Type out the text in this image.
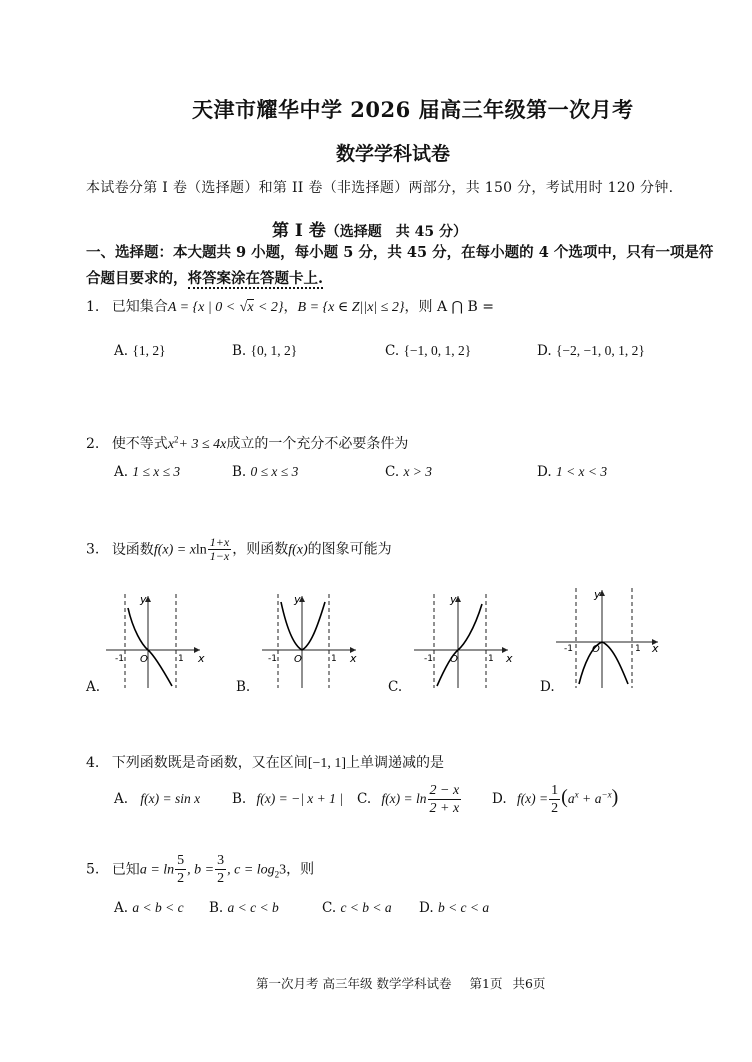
天津市耀华中学 2026 届高三年级第一次月考
数学学科试卷
本试卷分第 I 卷（选择题）和第 II 卷（非选择题）两部分，共 150 分，考试用时 120 分钟.
第 I 卷（选择题　共 45 分）
一、选择题：本大题共 9 小题，每小题 5 分，共 45 分，在每小题的 4 个选项中，只有一项是符合题目要求的，将答案涂在答题卡上.
1. 已知集合A = {x | 0 < √x < 2}，B = {x ∈ Z||x| ≤ 2}，则 A ⋂ B =
A. {1, 2}	B. {0, 1, 2}	C. {−1, 0, 1, 2}	D. {−2, −1, 0, 1, 2}
2. 使不等式$x^2+ 3 \le 4x$成立的一个充分不必要条件为
A. 1 ≤ x ≤ 3	B. 0 ≤ x ≤ 3	C. x > 3	D. 1 < x < 3
3. 设函数f(x) = xln $\frac{1+x}{1-x}$ ，则函数f(x)的图象可能为
y
x
O
-1	1
A.
y
x
O
-1	1
B.
y
x
O
-1	1
C.
y
x
O
-1	1
D.
4. 下列函数既是奇函数，又在区间[−1, 1]上单调递减的是
A. f(x) = sin x B. f(x) = −| x + 1 | C. $f(x) = \ln \frac{2 - x}{2 + x} D$. $f(x) = \frac{1}{2} (a^x + a^{-x})$
5. 已知$a = \ln \frac{5}{2}$ , $b = \frac{3}{2}$ , $c = \log_23$，则
A. a < b < c B. a < c < b	C. c < b < a D. b < c < a
第一次月考 高三年级 数学学科试卷 第1页 共6页
